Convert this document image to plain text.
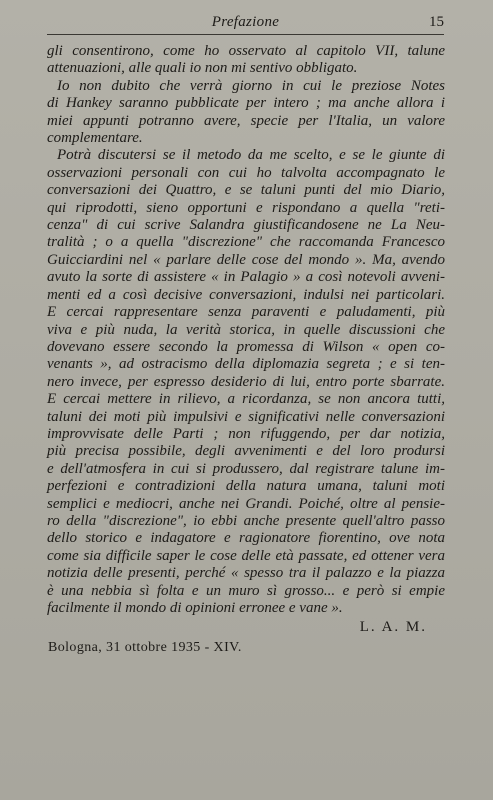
Prefazione	15
gli consentirono, come ho osservato al capitolo VII, talune
attenuazioni, alle quali io non mi sentivo obbligato.
Io non dubito che verrà giorno in cui le preziose Notes
di Hankey saranno pubblicate per intero ; ma anche allora i
miei appunti potranno avere, specie per l'Italia, un valore
complementare.
Potrà discutersi se il metodo da me scelto, e se le giunte di
osservazioni personali con cui ho talvolta accompagnato le
conversazioni dei Quattro, e se taluni punti del mio Diario,
qui riprodotti, sieno opportuni e rispondano a quella "reti-
cenza" di cui scrive Salandra giustificandosene ne La Neu-
tralità ; o a quella "discrezione" che raccomanda Francesco
Guicciardini nel « parlare delle cose del mondo ». Ma, avendo
avuto la sorte di assistere « in Palagio » a così notevoli avveni-
menti ed a così decisive conversazioni, indulsi nei particolari.
E cercai rappresentare senza paraventi e paludamenti, più
viva e più nuda, la verità storica, in quelle discussioni che
dovevano essere secondo la promessa di Wilson « open co-
venants », ad ostracismo della diplomazia segreta ; e si ten-
nero invece, per espresso desiderio di lui, entro porte sbarrate.
E cercai mettere in rilievo, a ricordanza, se non ancora tutti,
taluni dei moti più impulsivi e significativi nelle conversazioni
improvvisate delle Parti ; non rifuggendo, per dar notizia,
più precisa possibile, degli avvenimenti e del loro prodursi
e dell'atmosfera in cui si produssero, dal registrare talune im-
perfezioni e contradizioni della natura umana, taluni moti
semplici e mediocri, anche nei Grandi. Poiché, oltre al pensie-
ro della "discrezione", io ebbi anche presente quell'altro passo
dello storico e indagatore e ragionatore fiorentino, ove nota
come sia difficile saper le cose delle età passate, ed ottener vera
notizia delle presenti, perché « spesso tra il palazzo e la piazza
è una nebbia sì folta e un muro sì grosso... e però si empie
facilmente il mondo di opinioni erronee e vane ».
L. A. M.
Bologna, 31 ottobre 1935 - XIV.
